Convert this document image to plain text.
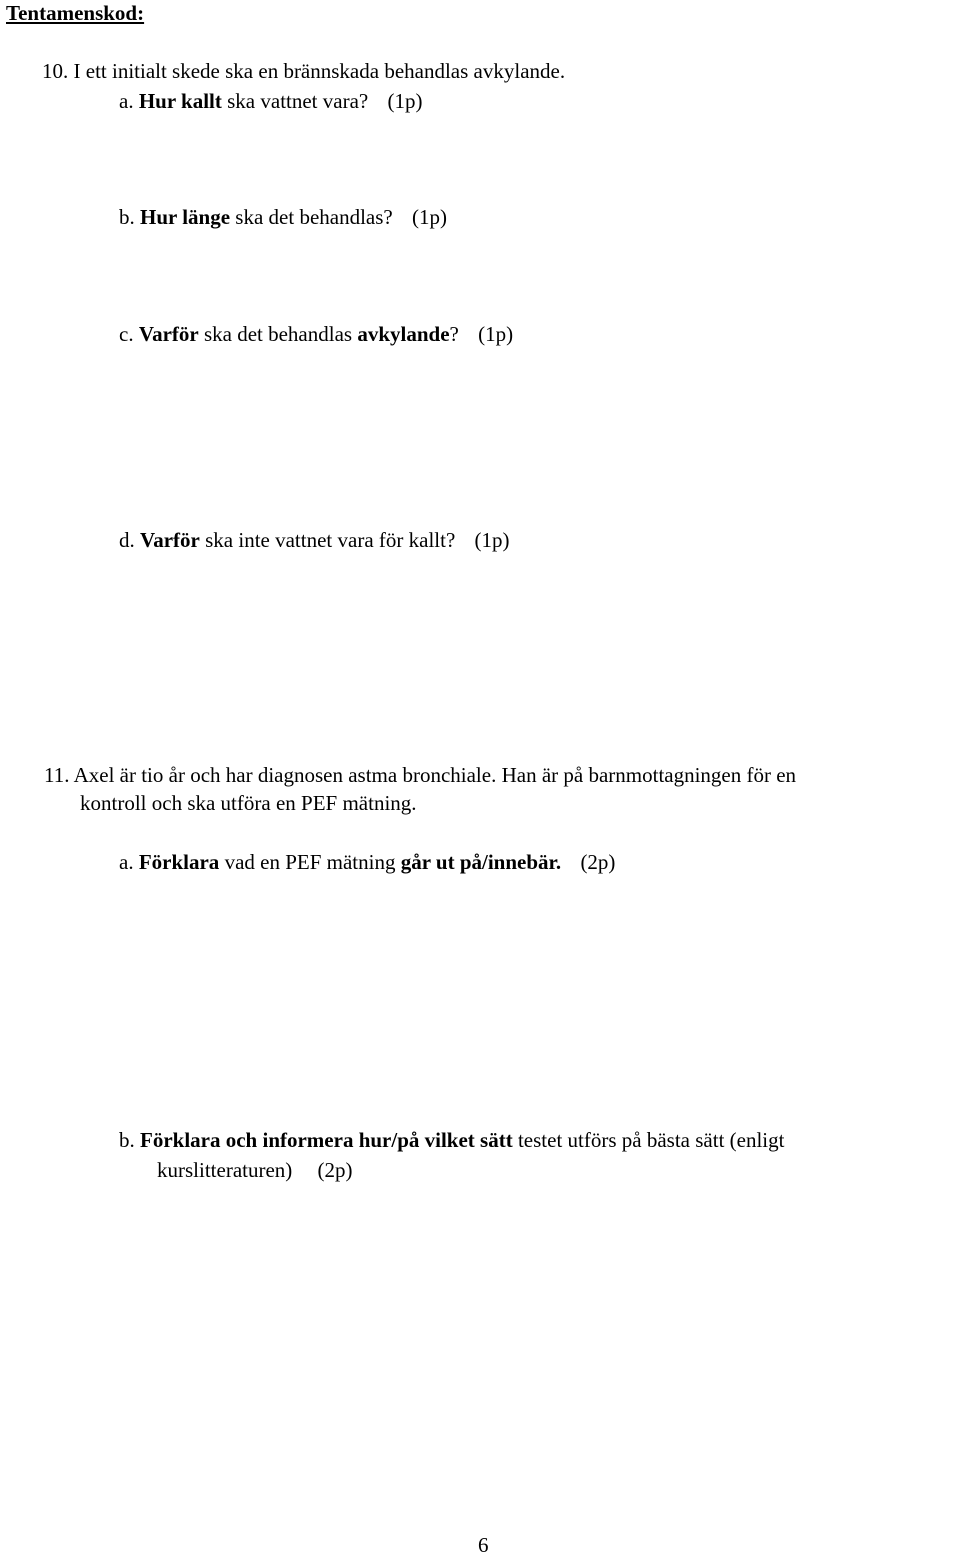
Tentamenskod:
10. I ett initialt skede ska en brännskada behandlas avkylande.
a. Hur kallt ska vattnet vara? (1p)
b. Hur länge ska det behandlas? (1p)
c. Varför ska det behandlas avkylande? (1p)
d. Varför ska inte vattnet vara för kallt? (1p)
11. Axel är tio år och har diagnosen astma bronchiale. Han är på barnmottagningen för en
kontroll och ska utföra en PEF mätning.
a. Förklara vad en PEF mätning går ut på/innebär. (2p)
b. Förklara och informera hur/på vilket sätt testet utförs på bästa sätt (enligt
kurslitteraturen) (2p)
6
